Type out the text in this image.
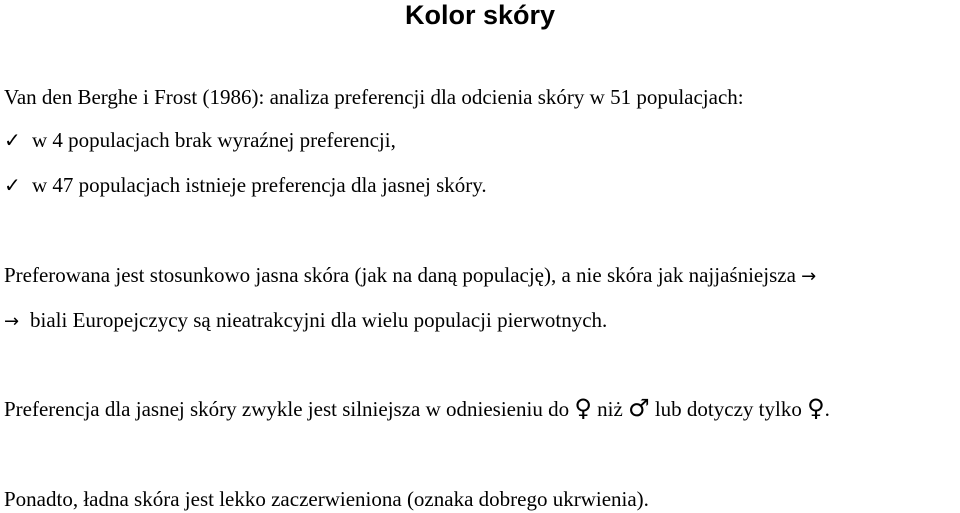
Kolor skóry
Van den Berghe i Frost (1986): analiza preferencji dla odcienia skóry w 51 populacjach:
✓ w 4 populacjach brak wyraźnej preferencji,
✓ w 47 populacjach istnieje preferencja dla jasnej skóry.
Preferowana jest stosunkowo jasna skóra (jak na daną populację), a nie skóra jak najjaśniejsza →
→ biali Europejczycy są nieatrakcyjni dla wielu populacji pierwotnych.
Preferencja dla jasnej skóry zwykle jest silniejsza w odniesieniu do ♀ niż ♂ lub dotyczy tylko ♀.
Ponadto, ładna skóra jest lekko zaczerwieniona (oznaka dobrego ukrwienia).
